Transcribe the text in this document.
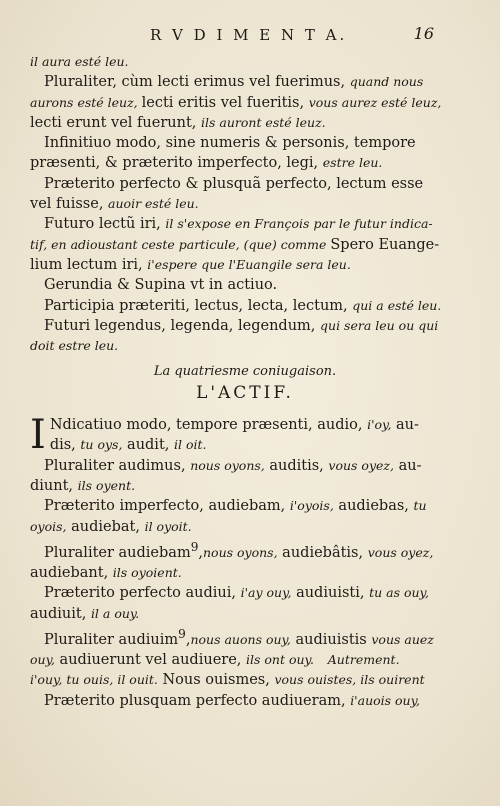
R V D I M E N T A.	16

il aura esté leu.

Pluraliter, cùm lecti erimus vel fuerimus, quand nous

aurons esté leuz, lecti eritis vel fueritis, vous aurez esté leuz,

lecti erunt vel fuerunt, ils auront esté leuz.

Infinitiuo modo, sine numeris & personis, tempore

præsenti, & præterito imperfecto, legi, estre leu.

Præterito perfecto & plusquã perfecto, lectum esse

vel fuisse, auoir esté leu.

Futuro lectũ iri, il s'expose en François par le futur indica-

tif, en adioustant ceste particule, (que) comme Spero Euange-

lium lectum iri, i'espere que l'Euangile sera leu.

Gerundia & Supina vt in actiuo.

Participia præteriti, lectus, lecta, lectum, qui a esté leu.

Futuri legendus, legenda, legendum, qui sera leu ou qui

doit estre leu.

La quatriesme coniugaison.

L'ACTIF.

I Ndicatiuo modo, tempore præsenti, audio, i'oy, au-
dis, tu oys, audit, il oit.

Pluraliter audimus, nous oyons, auditis, vous oyez, au-

diunt, ils oyent.

Præterito imperfecto, audiebam, i'oyois, audiebas, tu

oyois, audiebat, il oyoit.

Pluraliter audiebam$^9$,nous oyons, audiebâtis, vous oyez,

audiebant, ils oyoient.

Præterito perfecto audiui, i'ay ouy, audiuisti, tu as ouy,

audiuit, il a ouy.

Pluraliter audiuim$^9$,nous auons ouy, audiuistis vous auez

ouy, audiuerunt vel audiuere, ils ont ouy. Autrement.

i'ouy, tu ouis, il ouit. Nous ouismes, vous ouistes, ils ouirent

Præterito plusquam perfecto audiueram, i'auois ouy,
